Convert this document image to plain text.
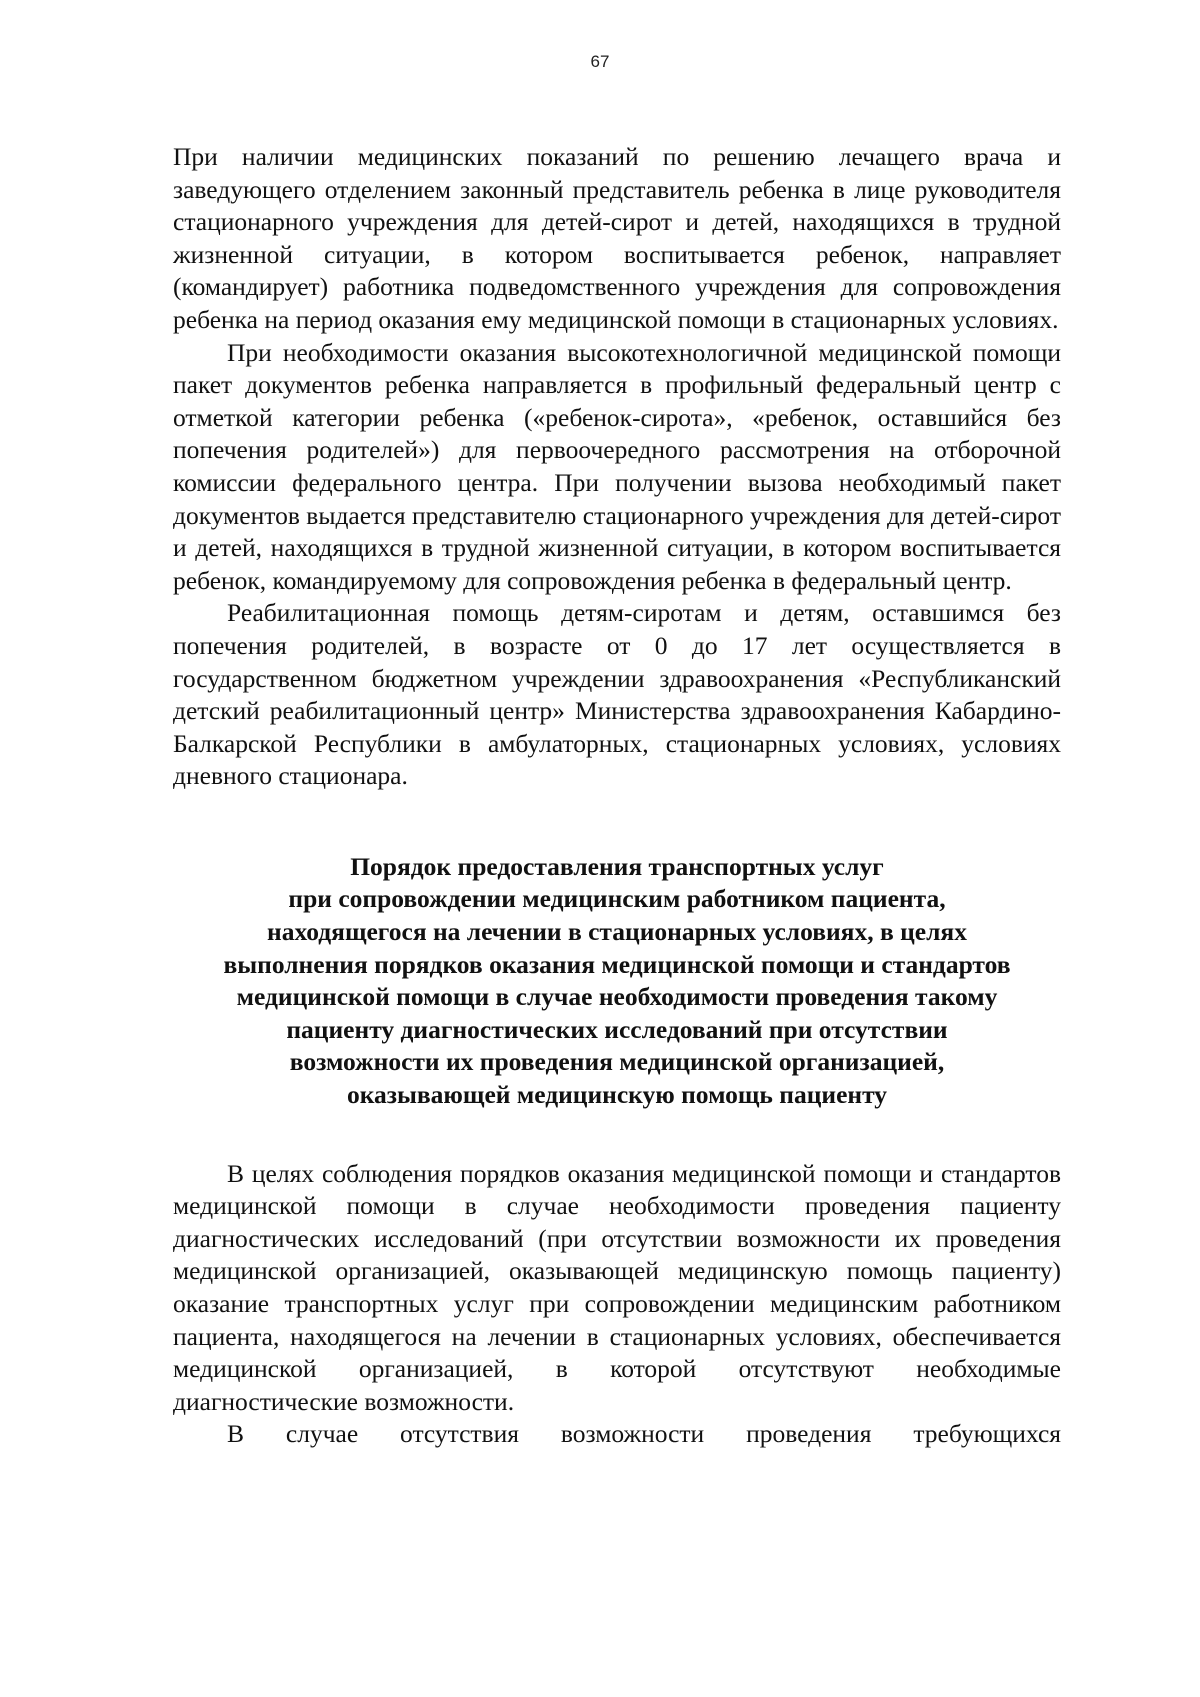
67

При наличии медицинских показаний по решению лечащего врача и заведующего отделением законный представитель ребенка в лице руководителя стационарного учреждения для детей-сирот и детей, находящихся в трудной жизненной ситуации, в котором воспитывается ребенок, направляет (командирует) работника подведомственного учреждения для сопровождения ребенка на период оказания ему медицинской помощи в стационарных условиях.

При необходимости оказания высокотехнологичной медицинской помощи пакет документов ребенка направляется в профильный федеральный центр с отметкой категории ребенка («ребенок-сирота», «ребенок, оставшийся без попечения родителей») для первоочередного рассмотрения на отборочной комиссии федерального центра. При получении вызова необходимый пакет документов выдается представителю стационарного учреждения для детей-сирот и детей, находящихся в трудной жизненной ситуации, в котором воспитывается ребенок, командируемому для сопровождения ребенка в федеральный центр.

Реабилитационная помощь детям-сиротам и детям, оставшимся без попечения родителей, в возрасте от 0 до 17 лет осуществляется в государственном бюджетном учреждении здравоохранения «Республиканский детский реабилитационный центр» Министерства здравоохранения Кабардино-Балкарской Республики в амбулаторных, стационарных условиях, условиях дневного стационара.

Порядок предоставления транспортных услуг
при сопровождении медицинским работником пациента,
находящегося на лечении в стационарных условиях, в целях
выполнения порядков оказания медицинской помощи и стандартов
медицинской помощи в случае необходимости проведения такому
пациенту диагностических исследований при отсутствии
возможности их проведения медицинской организацией,
оказывающей медицинскую помощь пациенту

В целях соблюдения порядков оказания медицинской помощи и стандартов медицинской помощи в случае необходимости проведения пациенту диагностических исследований (при отсутствии возможности их проведения медицинской организацией, оказывающей медицинскую помощь пациенту) оказание транспортных услуг при сопровождении медицинским работником пациента, находящегося на лечении в стационарных условиях, обеспечивается медицинской организацией, в которой отсутствуют необходимые диагностические возможности.

В случае отсутствия возможности проведения требующихся
